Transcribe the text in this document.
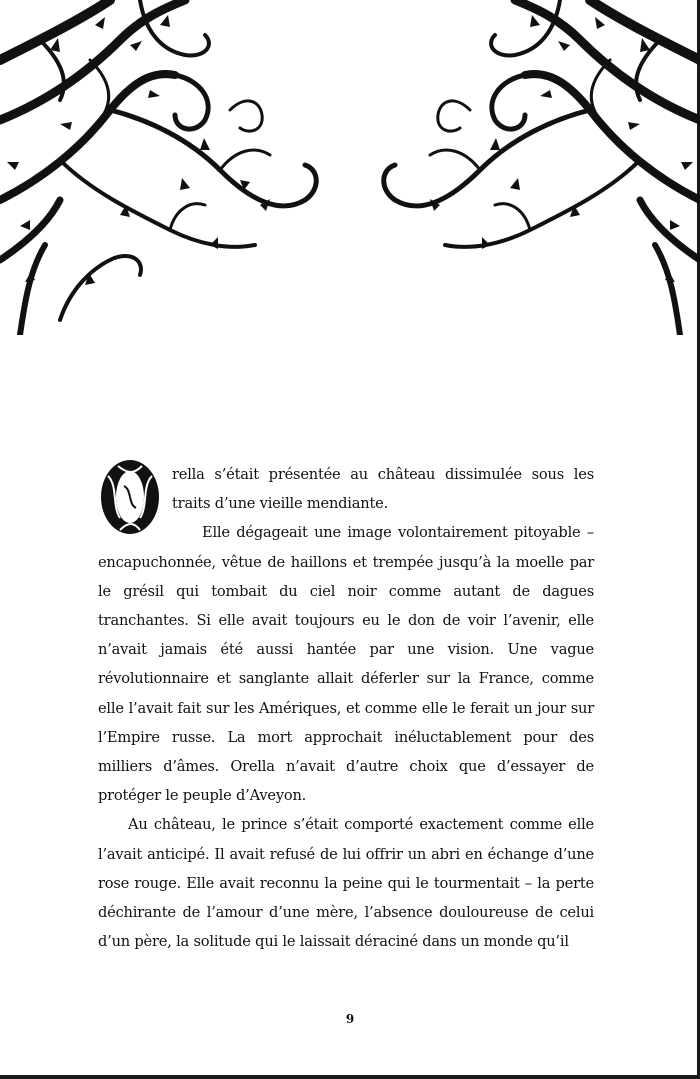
rella s’était présentée au château dissimulée sous les traits d’une vieille mendiante.

Elle dégageait une image volontairement pitoyable – encapuchonnée, vêtue de haillons et trempée jusqu’à la moelle par le grésil qui tombait du ciel noir comme autant de dagues tranchantes. Si elle avait toujours eu le don de voir l’avenir, elle n’avait jamais été aussi hantée par une vision. Une vague révolutionnaire et sanglante allait déferler sur la France, comme elle l’avait fait sur les Amériques, et comme elle le ferait un jour sur l’Empire russe. La mort approchait inéluctablement pour des milliers d’âmes. Orella n’avait d’autre choix que d’essayer de protéger le peuple d’Aveyon.

Au château, le prince s’était comporté exactement comme elle l’avait anticipé. Il avait refusé de lui offrir un abri en échange d’une rose rouge. Elle avait reconnu la peine qui le tourmentait – la perte déchirante de l’amour d’une mère, l’absence douloureuse de celui d’un père, la solitude qui le laissait déraciné dans un monde qu’il

9
